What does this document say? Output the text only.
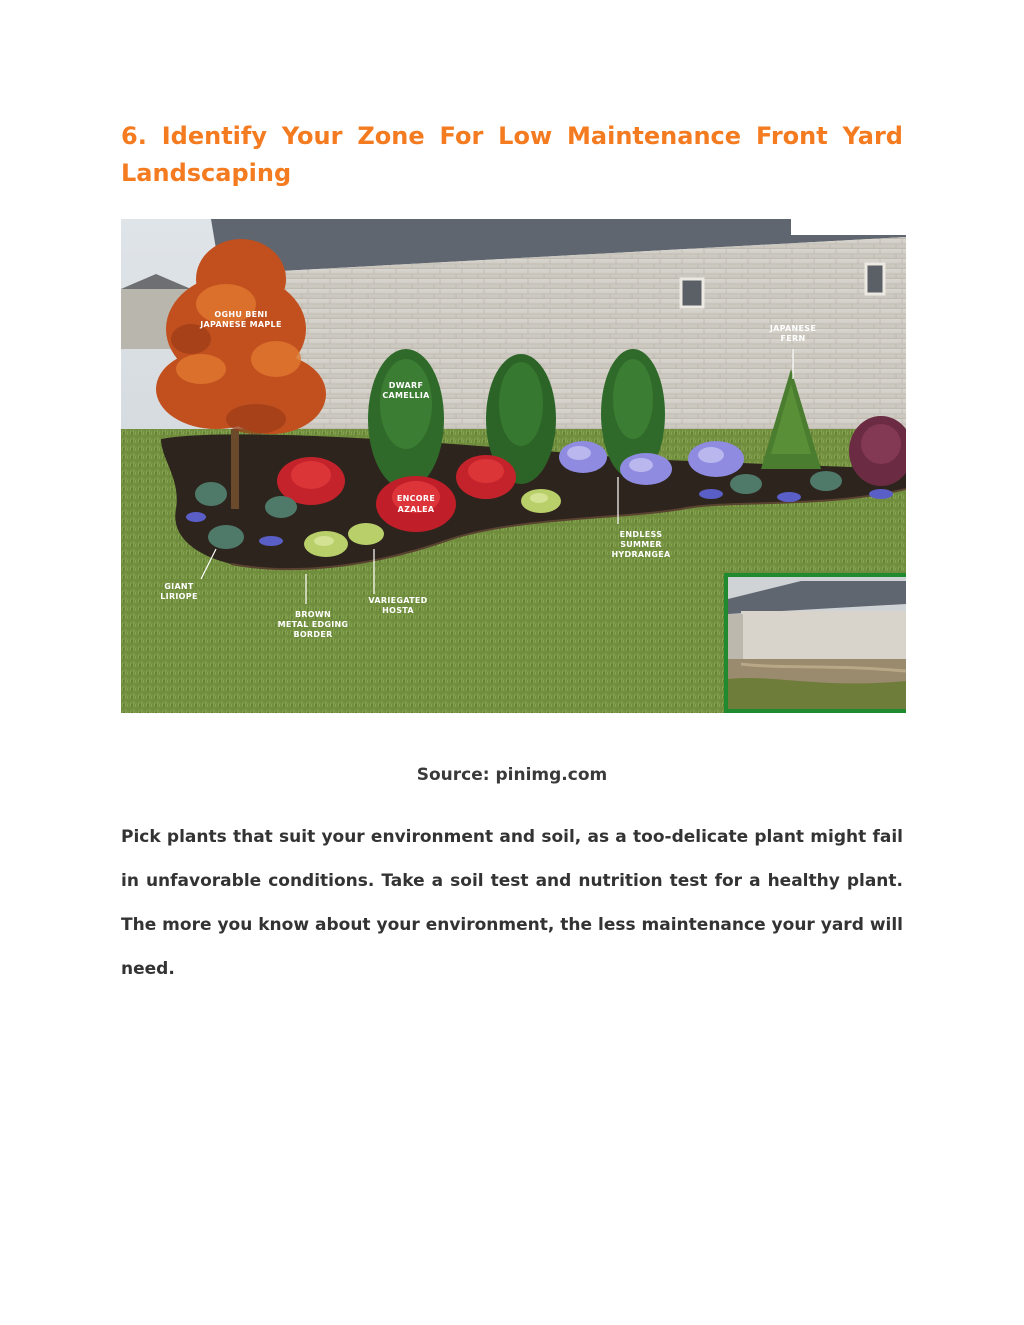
6. Identify Your Zone For Low Maintenance Front Yard Landscaping
OGHU BENI
JAPANESE MAPLE
DWARF
CAMELLIA
JAPANESE
FERN
ENCORE
AZALEA
ENDLESS
SUMMER
HYDRANGEA
GIANT
LIRIOPE	VARIEGATED
HOSTA
BROWN
METAL EDGING
BORDER
Source: pinimg.com

Pick plants that suit your environment and soil, as a too-delicate plant might fail in unfavorable conditions. Take a soil test and nutrition test for a healthy plant. The more you know about your environment, the less maintenance your yard will need.
